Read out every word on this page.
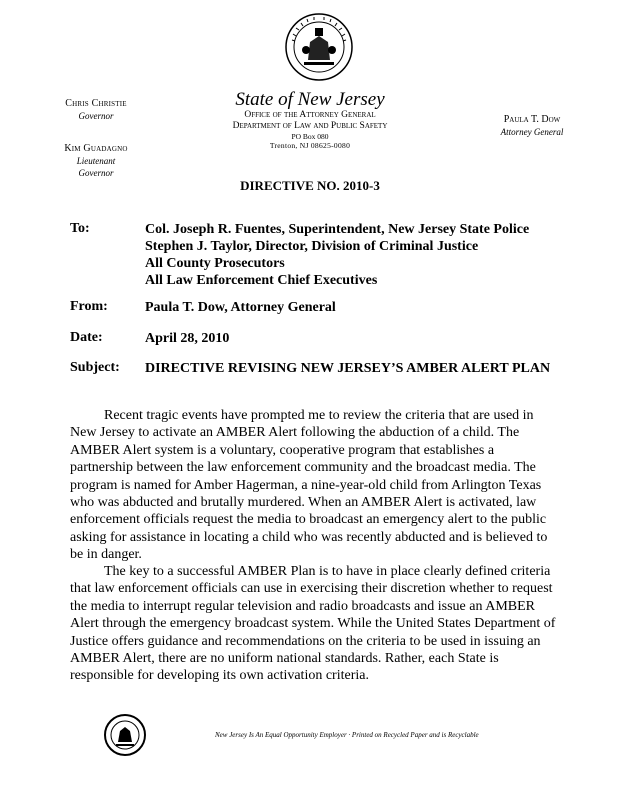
Chris Christie
Governor
Kim Guadagno
Lieutenant Governor
State of New Jersey
Office of the Attorney General
Department of Law and Public Safety
PO Box 080
Trenton, NJ 08625-0080
Paula T. Dow
Attorney General
DIRECTIVE NO. 2010-3
To:	Col. Joseph R. Fuentes, Superintendent, New Jersey State Police
Stephen J. Taylor, Director, Division of Criminal Justice
All County Prosecutors
All Law Enforcement Chief Executives
From:	Paula T. Dow, Attorney General
Date:	April 28, 2010
Subject: DIRECTIVE REVISING NEW JERSEY’S AMBER ALERT PLAN
Recent tragic events have prompted me to review the criteria that are used in New Jersey to activate an AMBER Alert following the abduction of a child. The AMBER Alert system is a voluntary, cooperative program that establishes a partnership between the law enforcement community and the broadcast media. The program is named for Amber Hagerman, a nine-year-old child from Arlington Texas who was abducted and brutally murdered. When an AMBER Alert is activated, law enforcement officials request the media to broadcast an emergency alert to the public asking for assistance in locating a child who was recently abducted and is believed to be in danger.
The key to a successful AMBER Plan is to have in place clearly defined criteria that law enforcement officials can use in exercising their discretion whether to request the media to interrupt regular television and radio broadcasts and issue an AMBER Alert through the emergency broadcast system. While the United States Department of Justice offers guidance and recommendations on the criteria to be used in issuing an AMBER Alert, there are no uniform national standards. Rather, each State is responsible for developing its own activation criteria.
New Jersey Is An Equal Opportunity Employer · Printed on Recycled Paper and is Recyclable
